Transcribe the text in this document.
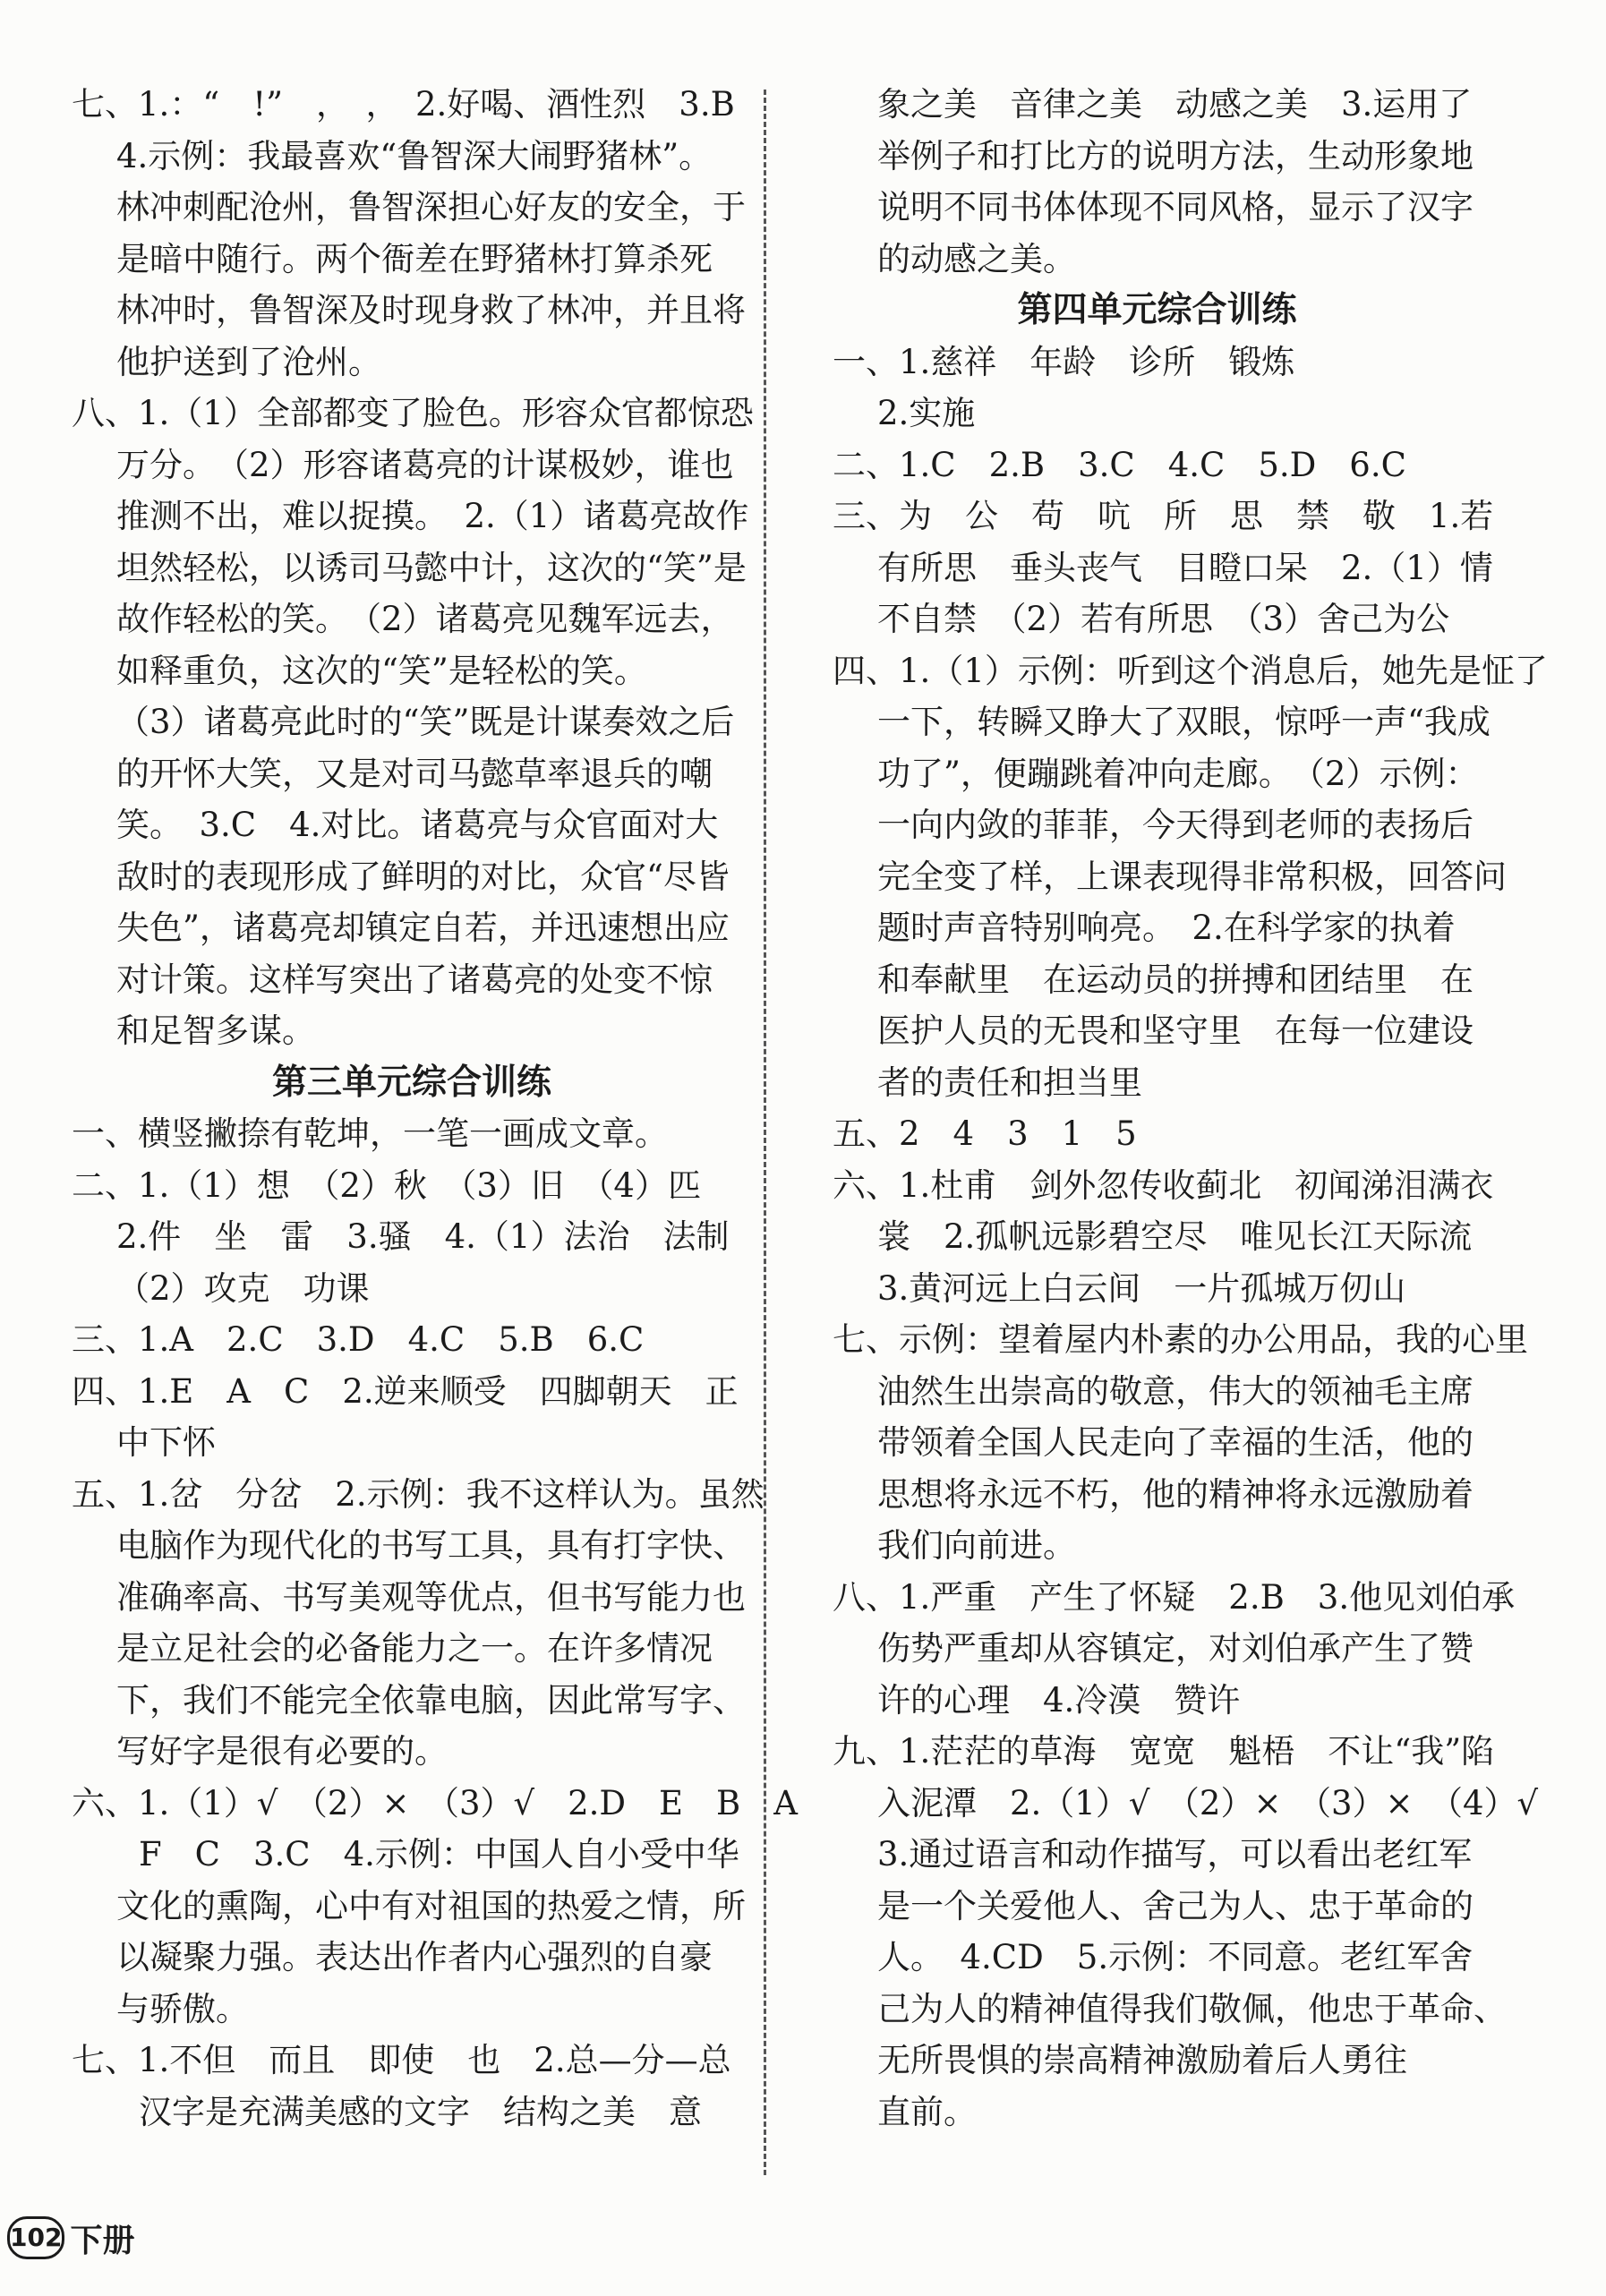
七、1.：“　!”　，　，　2.好喝、酒性烈　3.B
4.示例：我最喜欢“鲁智深大闹野猪林”。
林冲刺配沧州，鲁智深担心好友的安全，于
是暗中随行。两个衙差在野猪林打算杀死
林冲时，鲁智深及时现身救了林冲，并且将
他护送到了沧州。
八、1.（1）全部都变了脸色。形容众官都惊恐
万分。　（2）形容诸葛亮的计谋极妙，谁也
推测不出，难以捉摸。　2.（1）诸葛亮故作
坦然轻松，以诱司马懿中计，这次的“笑”是
故作轻松的笑。　（2）诸葛亮见魏军远去，
如释重负，这次的“笑”是轻松的笑。
（3）诸葛亮此时的“笑”既是计谋奏效之后
的开怀大笑，又是对司马懿草率退兵的嘲
笑。　3.C　4.对比。诸葛亮与众官面对大
敌时的表现形成了鲜明的对比，众官“尽皆
失色”，诸葛亮却镇定自若，并迅速想出应
对计策。这样写突出了诸葛亮的处变不惊
和足智多谋。
第三单元综合训练
一、横竖撇捺有乾坤，一笔一画成文章。
二、1.（1）想　（2）秋　（3）旧　（4）匹
2.件　坐　雷　3.骚　4.（1）法治　法制
（2）攻克　功课
三、1.A　2.C　3.D　4.C　5.B　6.C
四、1.E　A　C　2.逆来顺受　四脚朝天　正
中下怀
五、1.岔　分岔　2.示例：我不这样认为。虽然
电脑作为现代化的书写工具，具有打字快、
准确率高、书写美观等优点，但书写能力也
是立足社会的必备能力之一。在许多情况
下，我们不能完全依靠电脑，因此常写字、
写好字是很有必要的。
六、1.（1）√　（2）×　（3）√　2.D　E　B　A
F　C　3.C　4.示例：中国人自小受中华
文化的熏陶，心中有对祖国的热爱之情，所
以凝聚力强。表达出作者内心强烈的自豪
与骄傲。
七、1.不但　而且　即使　也　2.总—分—总
汉字是充满美感的文字　结构之美　意
象之美　音律之美　动感之美　3.运用了
举例子和打比方的说明方法，生动形象地
说明不同书体体现不同风格，显示了汉字
的动感之美。
第四单元综合训练
一、1.慈祥　年龄　诊所　锻炼
2.实施
二、1.C　2.B　3.C　4.C　5.D　6.C
三、为　公　苟　吭　所　思　禁　敬　1.若
有所思　垂头丧气　目瞪口呆　2.（1）情
不自禁　（2）若有所思　（3）舍己为公
四、1.（1）示例：听到这个消息后，她先是怔了
一下，转瞬又睁大了双眼，惊呼一声“我成
功了”，便蹦跳着冲向走廊。　（2）示例：
一向内敛的菲菲，今天得到老师的表扬后
完全变了样，上课表现得非常积极，回答问
题时声音特别响亮。　2.在科学家的执着
和奉献里　在运动员的拼搏和团结里　在
医护人员的无畏和坚守里　在每一位建设
者的责任和担当里
五、2　4　3　1　5
六、1.杜甫　剑外忽传收蓟北　初闻涕泪满衣
裳　2.孤帆远影碧空尽　唯见长江天际流
3.黄河远上白云间　一片孤城万仞山
七、示例：望着屋内朴素的办公用品，我的心里
油然生出崇高的敬意，伟大的领袖毛主席
带领着全国人民走向了幸福的生活，他的
思想将永远不朽，他的精神将永远激励着
我们向前进。
八、1.严重　产生了怀疑　2.B　3.他见刘伯承
伤势严重却从容镇定，对刘伯承产生了赞
许的心理　4.冷漠　赞许
九、1.茫茫的草海　宽宽　魁梧　不让“我”陷
入泥潭　2.（1）√　（2）×　（3）×　（4）√
3.通过语言和动作描写，可以看出老红军
是一个关爱他人、舍己为人、忠于革命的
人。　4.CD　5.示例：不同意。老红军舍
己为人的精神值得我们敬佩，他忠于革命、
无所畏惧的崇高精神激励着后人勇往
直前。
102 下册
